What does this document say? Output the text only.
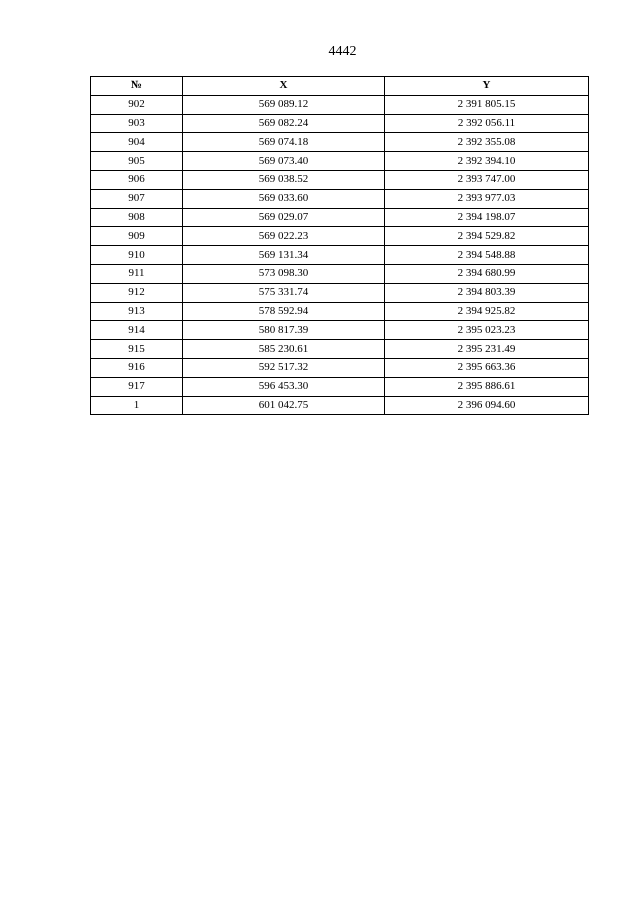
4442
№	X	Y
902	569 089.12	2 391 805.15
903	569 082.24	2 392 056.11
904	569 074.18	2 392 355.08
905	569 073.40	2 392 394.10
906	569 038.52	2 393 747.00
907	569 033.60	2 393 977.03
908	569 029.07	2 394 198.07
909	569 022.23	2 394 529.82
910	569 131.34	2 394 548.88
911	573 098.30	2 394 680.99
912	575 331.74	2 394 803.39
913	578 592.94	2 394 925.82
914	580 817.39	2 395 023.23
915	585 230.61	2 395 231.49
916	592 517.32	2 395 663.36
917	596 453.30	2 395 886.61
1	601 042.75	2 396 094.60
